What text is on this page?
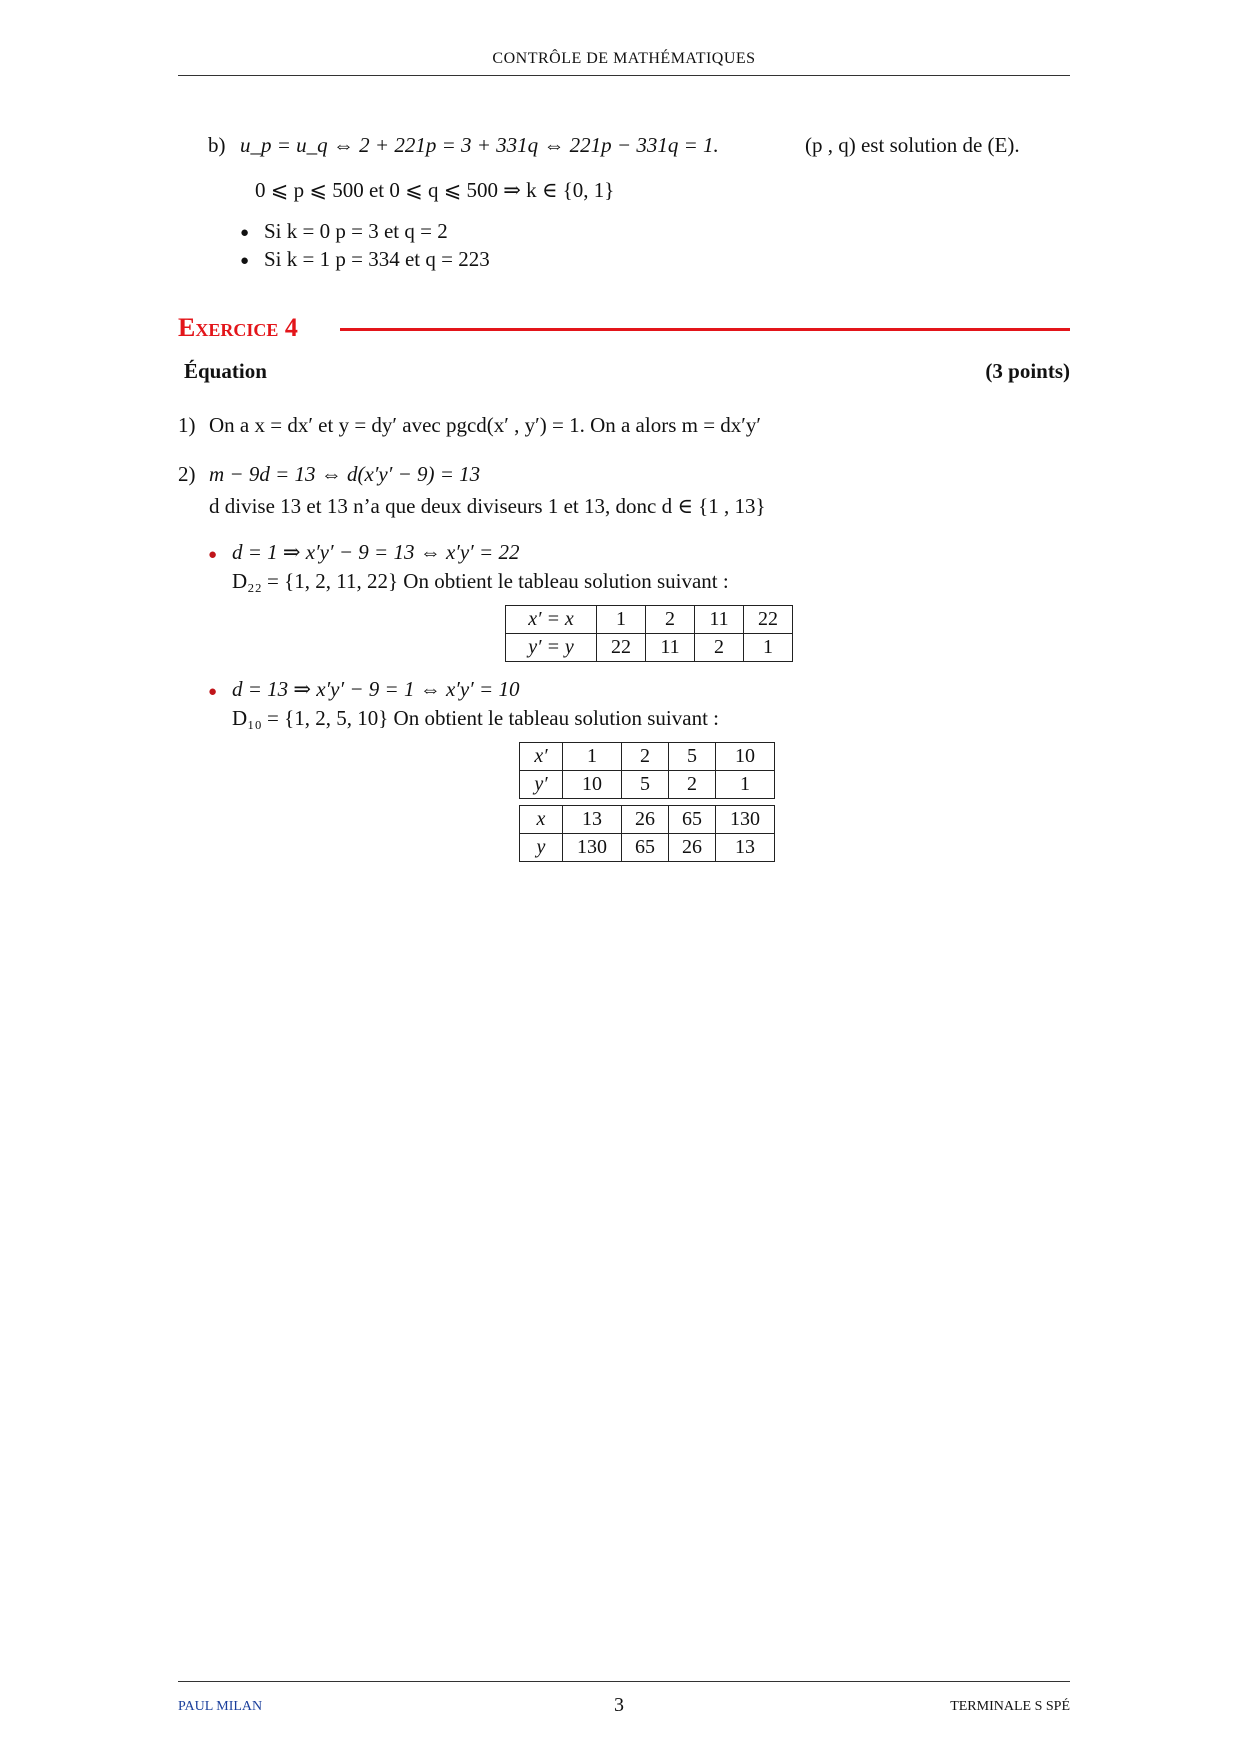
CONTRÔLE DE MATHÉMATIQUES
b) u_p = u_q ⇔ 2 + 221p = 3 + 331q ⇔ 221p − 331q = 1.	(p , q) est solution de (E).
0 ⩽ p ⩽ 500 et 0 ⩽ q ⩽ 500 ⇒ k ∈ {0, 1}
● Si k = 0 p = 3 et q = 2
● Si k = 1 p = 334 et q = 223
Exercice 4
Équation	(3 points)
1) On a x = dx′ et y = dy′ avec pgcd(x′ , y′) = 1. On a alors m = dx′y′
2) m − 9d = 13 ⇔ d(x′y′ − 9) = 13
d divise 13 et 13 n’a que deux diviseurs 1 et 13, donc d ∈ {1 , 13}
● d = 1 ⇒ x′y′ − 9 = 13 ⇔ x′y′ = 22
D₂₂ = {1, 2, 11, 22} On obtient le tableau solution suivant :
x′ = x	1	2	11	22
y′ = y	22	11	2	1
● d = 13 ⇒ x′y′ − 9 = 1 ⇔ x′y′ = 10
D₁₀ = {1, 2, 5, 10} On obtient le tableau solution suivant :
x′	1	2	5	10
y′	10	5	2	1
x	13	26	65	130
y	130	65	26	13
PAUL MILAN	3	TERMINALE S SPÉ
